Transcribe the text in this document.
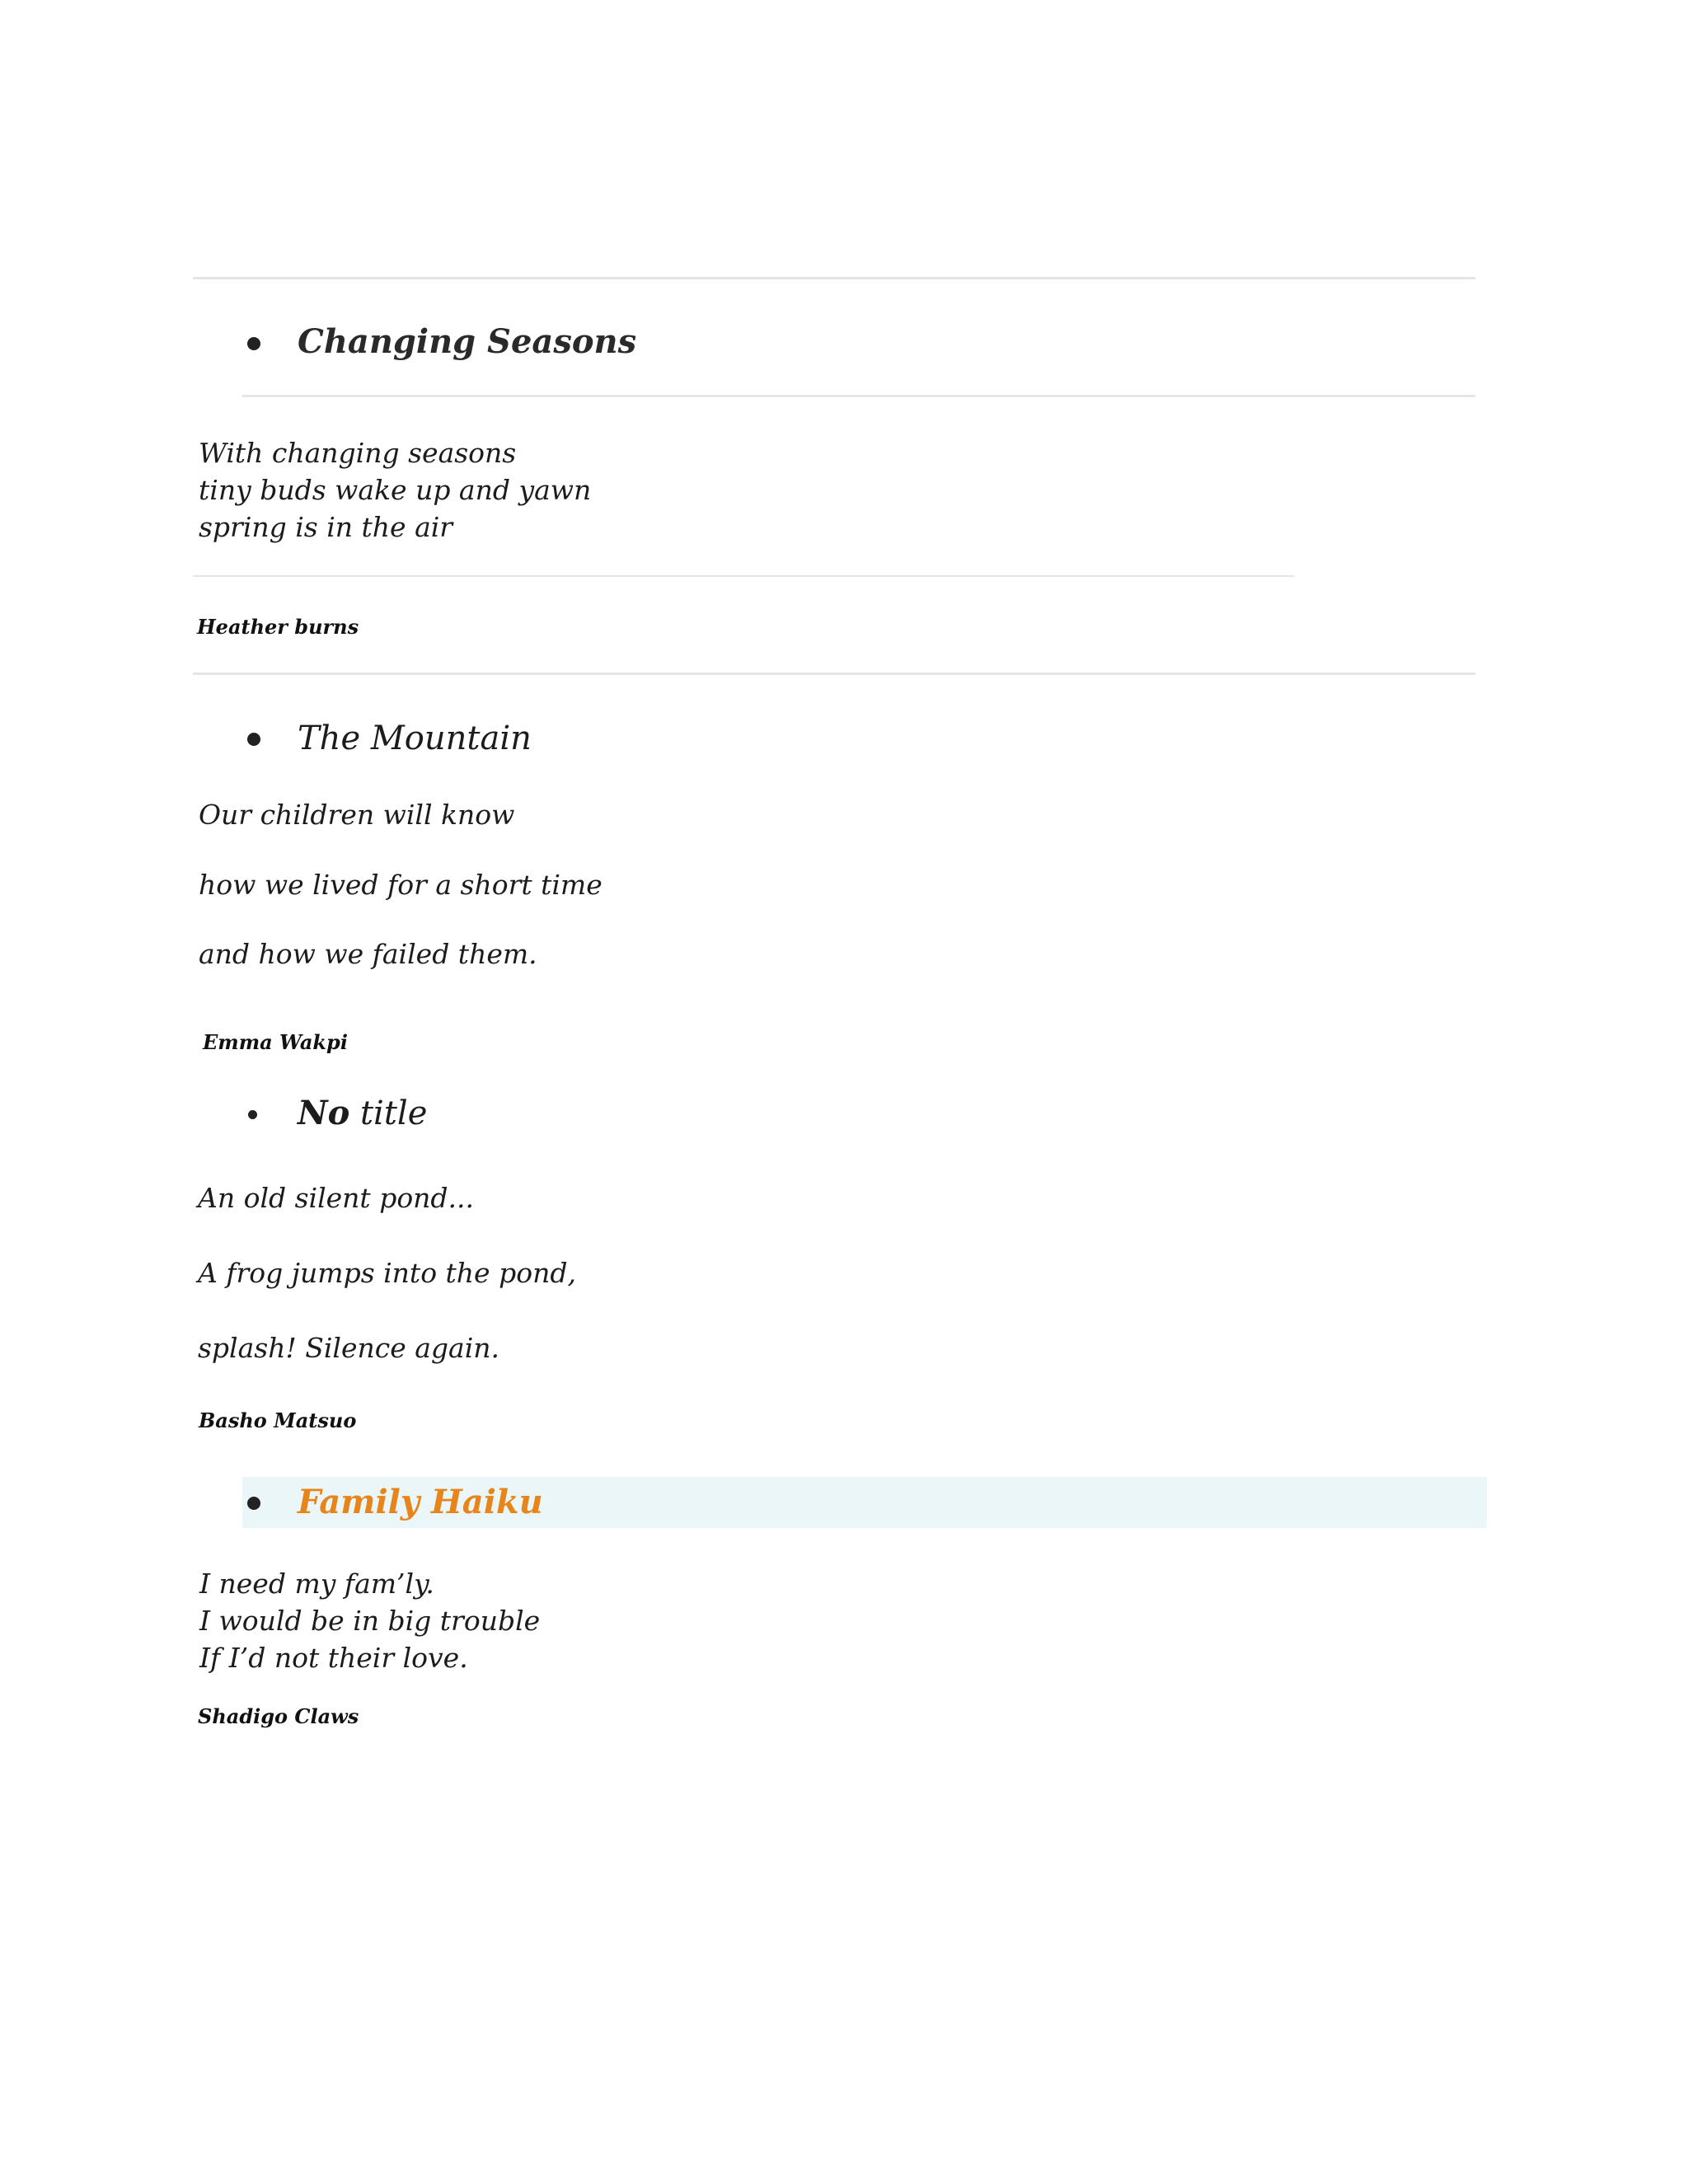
Changing Seasons
With changing seasons
tiny buds wake up and yawn
spring is in the air
Heather burns
The Mountain
Our children will know
how we lived for a short time
and how we failed them.
Emma Wakpi
No title
An old silent pond...
A frog jumps into the pond,
splash! Silence again.
Basho Matsuo
Family Haiku
I need my fam’ly.
I would be in big trouble
If I’d not their love.
Shadigo Claws
